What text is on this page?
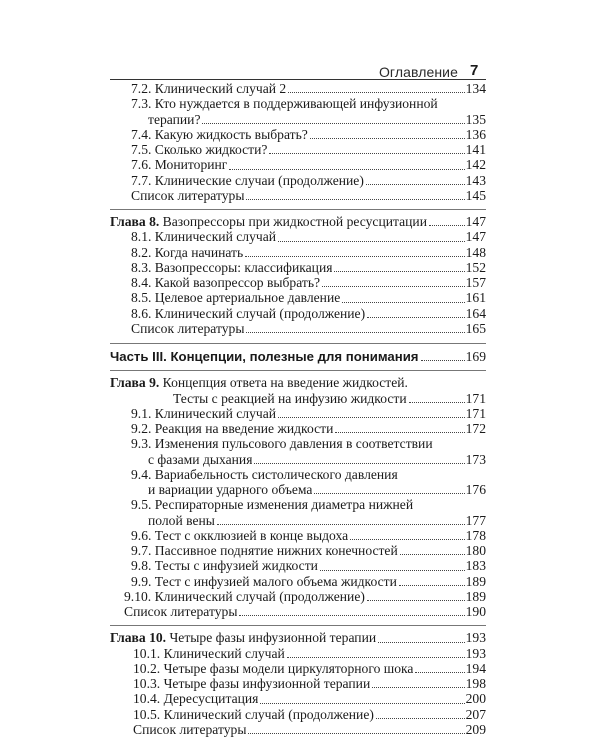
Оглавление 7
7.2. Клинический случай 2	134
7.3. Кто нуждается в поддерживающей инфузионной
терапии?	135
7.4. Какую жидкость выбрать?	136
7.5. Сколько жидкости?	141
7.6. Мониторинг	142
7.7. Клинические случаи (продолжение)	143
Список литературы	145
Глава 8. Вазопрессоры при жидкостной ресусцитации	147
8.1. Клинический случай	147
8.2. Когда начинать	148
8.3. Вазопрессоры: классификация	152
8.4. Какой вазопрессор выбрать?	157
8.5. Целевое артериальное давление	161
8.6. Клинический случай (продолжение)	164
Список литературы	165
Часть III. Концепции, полезные для понимания	169
Глава 9. Концепция ответа на введение жидкостей.
Тесты с реакцией на инфузию жидкости	171
9.1. Клинический случай	171
9.2. Реакция на введение жидкости	172
9.3. Изменения пульсового давления в соответствии
с фазами дыхания	173
9.4. Вариабельность систолического давления
и вариации ударного объема	176
9.5. Респираторные изменения диаметра нижней
полой вены	177
9.6. Тест с окклюзией в конце выдоха	178
9.7. Пассивное поднятие нижних конечностей	180
9.8. Тесты с инфузией жидкости	183
9.9. Тест с инфузией малого объема жидкости	189
9.10. Клинический случай (продолжение)	189
Список литературы	190
Глава 10. Четыре фазы инфузионной терапии	193
10.1. Клинический случай	193
10.2. Четыре фазы модели циркуляторного шока	194
10.3. Четыре фазы инфузионной терапии	198
10.4. Дересусцитация	200
10.5. Клинический случай (продолжение)	207
Список литературы	209
